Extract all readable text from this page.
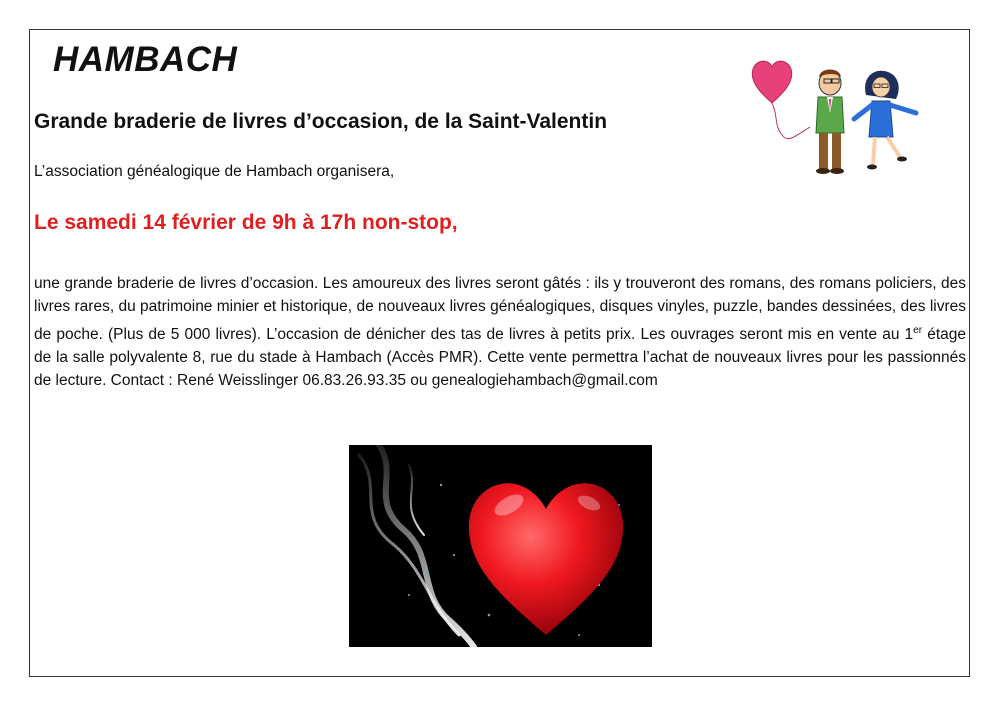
HAMBACH
Grande braderie de livres d’occasion, de la Saint-Valentin
L’association généalogique de Hambach organisera,
Le samedi 14 février de 9h à 17h non-stop,
une grande braderie de livres d’occasion. Les amoureux des livres seront gâtés : ils y trouveront des romans, des romans policiers, des livres rares, du patrimoine minier et historique, de nouveaux livres généalogiques, disques vinyles, puzzle, bandes dessinées, des livres de poche. (Plus de 5 000 livres). L’occasion de dénicher des tas de livres à petits prix. Les ouvrages seront mis en vente au 1er étage de la salle polyvalente 8, rue du stade à Hambach (Accès PMR). Cette vente permettra l’achat de nouveaux livres pour les passionnés de lecture. Contact : René Weisslinger 06.83.26.93.35 ou genealogiehambach@gmail.com
